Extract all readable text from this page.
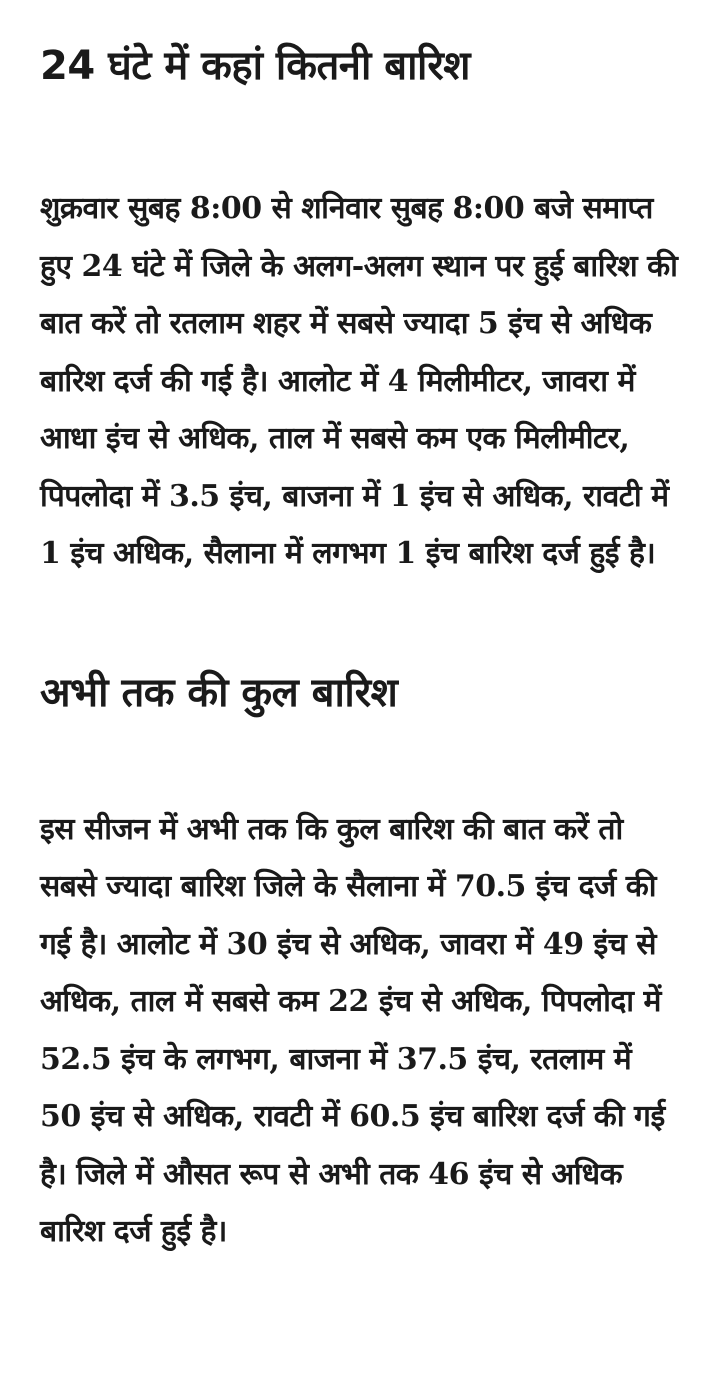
24 घंटे में कहां कितनी बारिश

शुक्रवार सुबह 8:00 से शनिवार सुबह 8:00 बजे समाप्त हुए 24 घंटे में जिले के अलग-अलग स्थान पर हुई बारिश की बात करें तो रतलाम शहर में सबसे ज्यादा 5 इंच से अधिक बारिश दर्ज की गई है। आलोट में 4 मिलीमीटर, जावरा में आधा इंच से अधिक, ताल में सबसे कम एक मिलीमीटर, पिपलोदा में 3.5 इंच, बाजना में 1 इंच से अधिक, रावटी में 1 इंच अधिक, सैलाना में लगभग 1 इंच बारिश दर्ज हुई है।

अभी तक की कुल बारिश

इस सीजन में अभी तक कि कुल बारिश की बात करें तो सबसे ज्यादा बारिश जिले के सैलाना में 70.5 इंच दर्ज की गई है। आलोट में 30 इंच से अधिक, जावरा में 49 इंच से अधिक, ताल में सबसे कम 22 इंच से अधिक, पिपलोदा में 52.5 इंच के लगभग, बाजना में 37.5 इंच, रतलाम में 50 इंच से अधिक, रावटी में 60.5 इंच बारिश दर्ज की गई है। जिले में औसत रूप से अभी तक 46 इंच से अधिक बारिश दर्ज हुई है।
